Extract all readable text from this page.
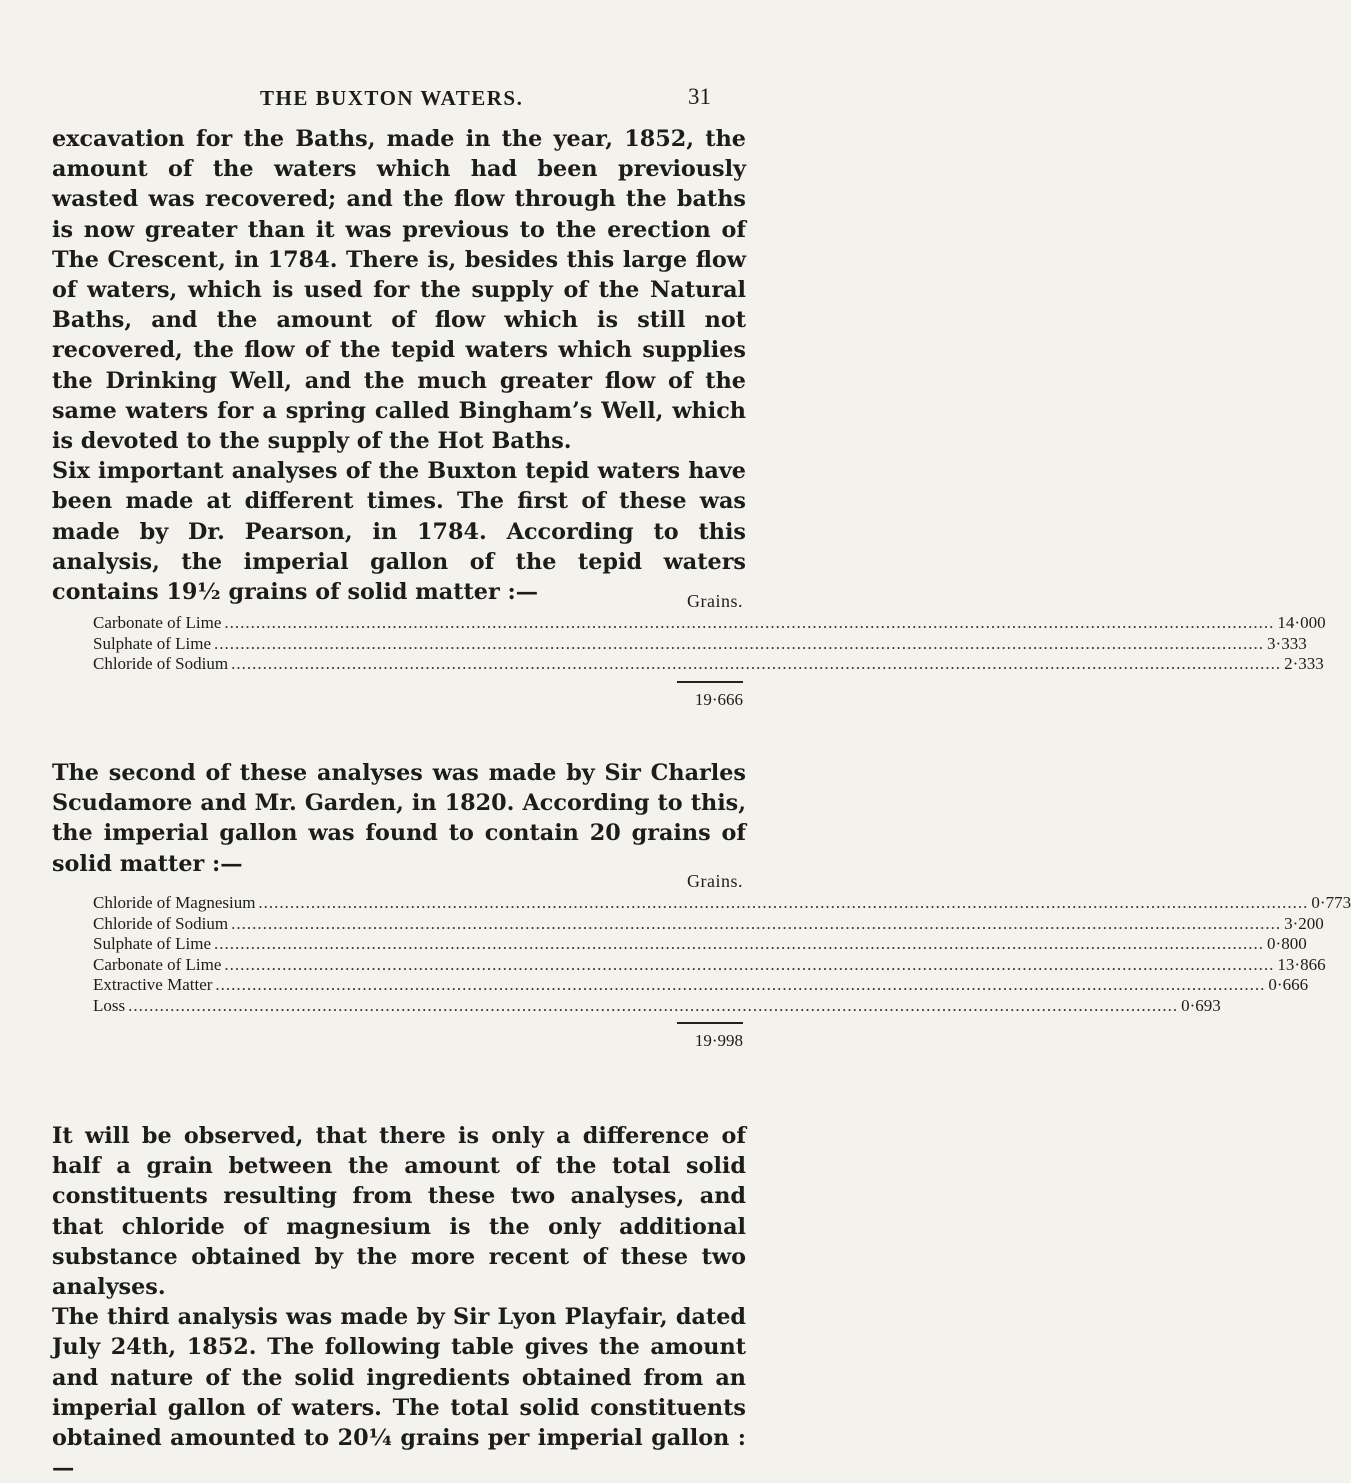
THE BUXTON WATERS.	31

excavation for the Baths, made in the year, 1852, the amount of the waters which had been previously wasted was recovered; and the flow through the baths is now greater than it was previous to the erection of The Crescent, in 1784. There is, besides this large flow of waters, which is used for the supply of the Natural Baths, and the amount of flow which is still not recovered, the flow of the tepid waters which supplies the Drinking Well, and the much greater flow of the same waters for a spring called Bingham’s Well, which is devoted to the supply of the Hot Baths.

Six important analyses of the Buxton tepid waters have been made at different times. The first of these was made by Dr. Pearson, in 1784. According to this analysis, the imperial gallon of the tepid waters contains 19½ grains of solid matter :—	Grains.
Carbonate of Lime ........................................................................................................................................................................................................ 14·000
Sulphate of Lime ........................................................................................................................................................................................................ 3·333
Chloride of Sodium ........................................................................................................................................................................................................ 2·333
19·666

The second of these analyses was made by Sir Charles Scudamore and Mr. Garden, in 1820. According to this, the imperial gallon was found to contain 20 grains of solid matter :—

Grains.
Chloride of Magnesium ........................................................................................................................................................................................................ 0·773
Chloride of Sodium ........................................................................................................................................................................................................ 3·200
Sulphate of Lime ........................................................................................................................................................................................................ 0·800
Carbonate of Lime ........................................................................................................................................................................................................ 13·866
Extractive Matter ........................................................................................................................................................................................................ 0·666
Loss ........................................................................................................................................................................................................ 0·693
19·998

It will be observed, that there is only a difference of half a grain between the amount of the total solid constituents resulting from these two analyses, and that chloride of magnesium is the only additional substance obtained by the more recent of these two analyses.

The third analysis was made by Sir Lyon Playfair, dated July 24th, 1852. The following table gives the amount and nature of the solid ingredients obtained from an imperial gallon of waters. The total solid constituents obtained amounted to 20¼ grains per imperial gallon :—
